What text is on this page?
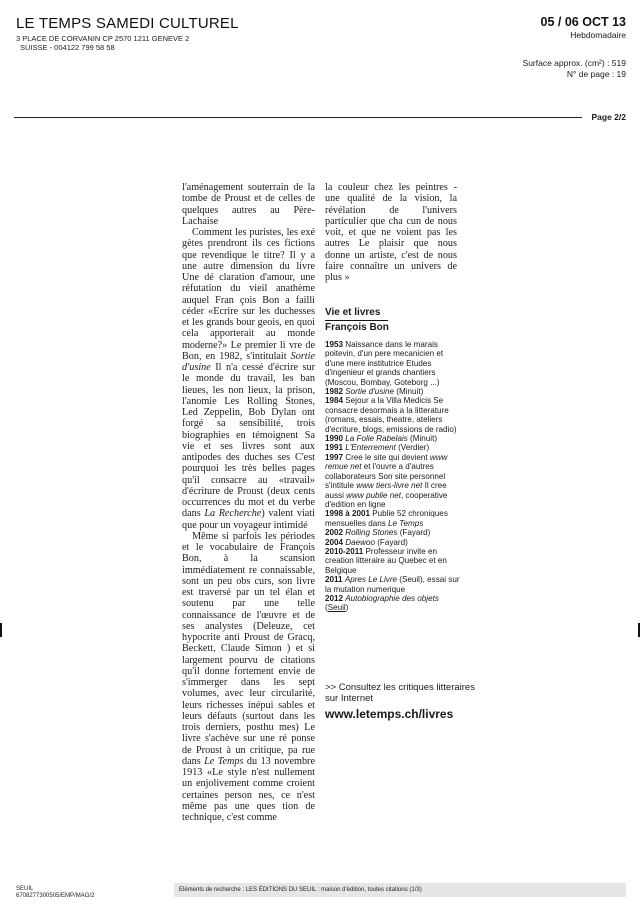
LE TEMPS SAMEDI CULTUREL
3 PLACE DE CORVANIN CP 2570 1211 GENEVE 2
SUISSE - 004122 799 58 58
05 / 06 OCT 13
Hebdomadaire
Surface approx. (cm²) : 519
N° de page : 19
Page 2/2

l'aménagement souterrain de la tombe de Proust et de celles de quelques autres au Père-Lachaise

Comment les puristes, les exé gètes prendront ils ces fictions que revendique le titre? Il y a une autre dimension du livre Une dé claration d'amour, une réfutation du vieil anathème auquel Fran çois Bon a failli céder «Ecrire sur les duchesses et les grands bour geois, en quoi cela apporterait au monde moderne?» Le premier li vre de Bon, en 1982, s'intitulait Sortie d'usine Il n'a cessé d'écrire sur le monde du travail, les ban lieues, les non lieux, la prison, l'anomie Les Rolling Stones, Led Zeppelin, Bob Dylan ont forgé sa sensibilité, trois biographies en témoignent Sa vie et ses livres sont aux antipodes des duches ses C'est pourquoi les très belles pages qu'il consacre au «travail» d'écriture de Proust (deux cents occurrences du mot et du verbe dans La Recherche) valent viati que pour un voyageur intimidé

Même si parfois les périodes et le vocabulaire de François Bon, à la scansion immédiatement re connaissable, sont un peu obs curs, son livre est traversé par un tel élan et soutenu par une telle connaissance de l'œuvre et de ses analystes (Deleuze, cet hypocrite anti Proust de Gracq, Beckett, Claude Simon ) et si largement pourvu de citations qu'il donne fortement envie de s'immerger dans les sept volumes, avec leur circularité, leurs richesses inépui sables et leurs défauts (surtout dans les trois derniers, posthu mes) Le livre s'achève sur une ré ponse de Proust à un critique, pa rue dans Le Temps du 13 novembre 1913 «Le style n'est nullement un enjolivement comme croient certaines person nes, ce n'est même pas une ques tion de technique, c'est comme

la couleur chez les peintres - une qualité de la vision, la révélation de l'univers particulier que cha cun de nous voit, et que ne voient pas les autres Le plaisir que nous donne un artiste, c'est de nous faire connaître un univers de plus »

Vie et livres
François Bon
1953 Naissance dans le marais poitevin, d'un pere mecanicien et d'une mere institutrice Etudes d'ingenieur et grands chantiers (Moscou, Bombay, Goteborg ...)
1982 Sortie d'usine (Minuit)
1984 Sejour a la Villa Medicis Se consacre desormais a la litterature (romans, essais, theatre, ateliers d'ecriture, blogs, emissions de radio)
1990 La Folie Rabelais (Minuit)
1991 L'Enterrement (Verdier)
1997 Cree le site qui devient www remue net et l'ouvre a d'autres collaborateurs Son site personnel s'intitule www tiers-livre net Il cree aussi www publie net, cooperative d'edition en ligne
1998 à 2001 Publie 52 chroniques mensuelles dans Le Temps
2002 Rolling Stones (Fayard)
2004 Daewoo (Fayard)
2010-2011 Professeur invite en creation litteraire au Quebec et en Belgique
2011 Apres Le Livre (Seuil), essai sur la mutation numerique
2012 Autobiographie des objets (Seuil)
>> Consultez les critiques litteraires sur Internet
www.letemps.ch/livres
SEUIL
6708277300505/EMP/MAG/2
Eléments de recherche : LES ÉDITIONS DU SEUIL : maison d'édition, toutes citations (1/3)
